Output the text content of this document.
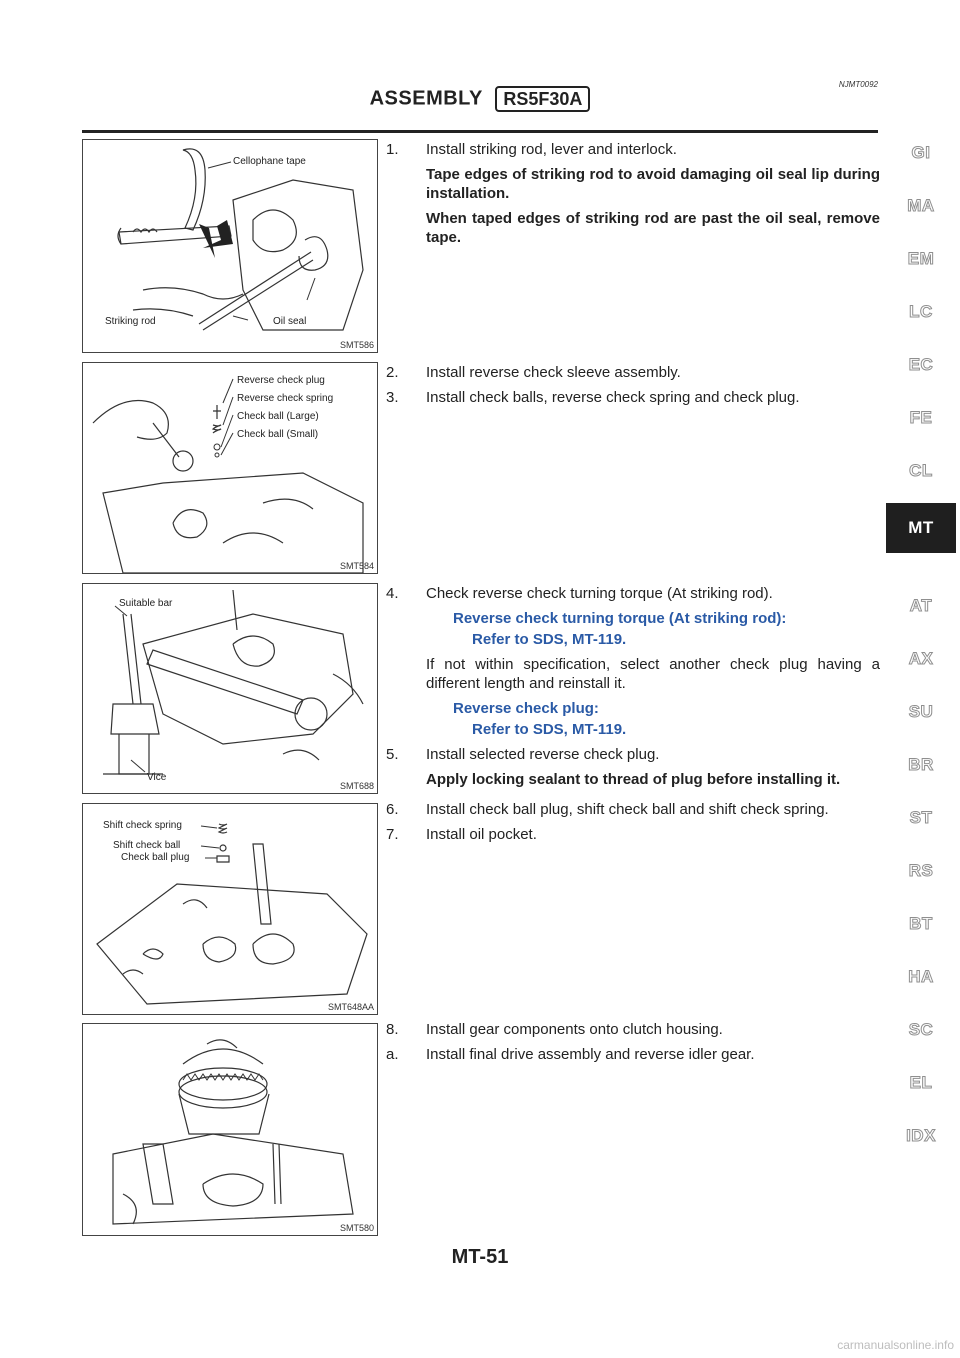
NJMT0092
ASSEMBLY RS5F30A
Cellophane tape
Striking rod	Oil seal
SMT586
Reverse check plug
Reverse check spring
Check ball (Large)
Check ball (Small)
SMT584
Suitable bar
Vice
SMT688
Shift check spring
Shift check ball
Check ball plug
SMT648AA
SMT580

1. Install striking rod, lever and interlock.

Tape edges of striking rod to avoid damaging oil seal lip during installation.

When taped edges of striking rod are past the oil seal, remove tape.

2. Install reverse check sleeve assembly.

3. Install check balls, reverse check spring and check plug.

4. Check reverse check turning torque (At striking rod).

Reverse check turning torque (At striking rod):

Refer to SDS, MT-119.

If not within specification, select another check plug having a different length and reinstall it.

Reverse check plug:

Refer to SDS, MT-119.

5. Install selected reverse check plug.

Apply locking sealant to thread of plug before installing it.

6. Install check ball plug, shift check ball and shift check spring.

7. Install oil pocket.

8. Install gear components onto clutch housing.

a. Install final drive assembly and reverse idler gear.

GI
MA
EM
LC
EC
FE
CL
MT
AT
AX
SU
BR
ST
RS
BT
HA
SC
EL
IDX
MT-51
carmanualsonline.info
